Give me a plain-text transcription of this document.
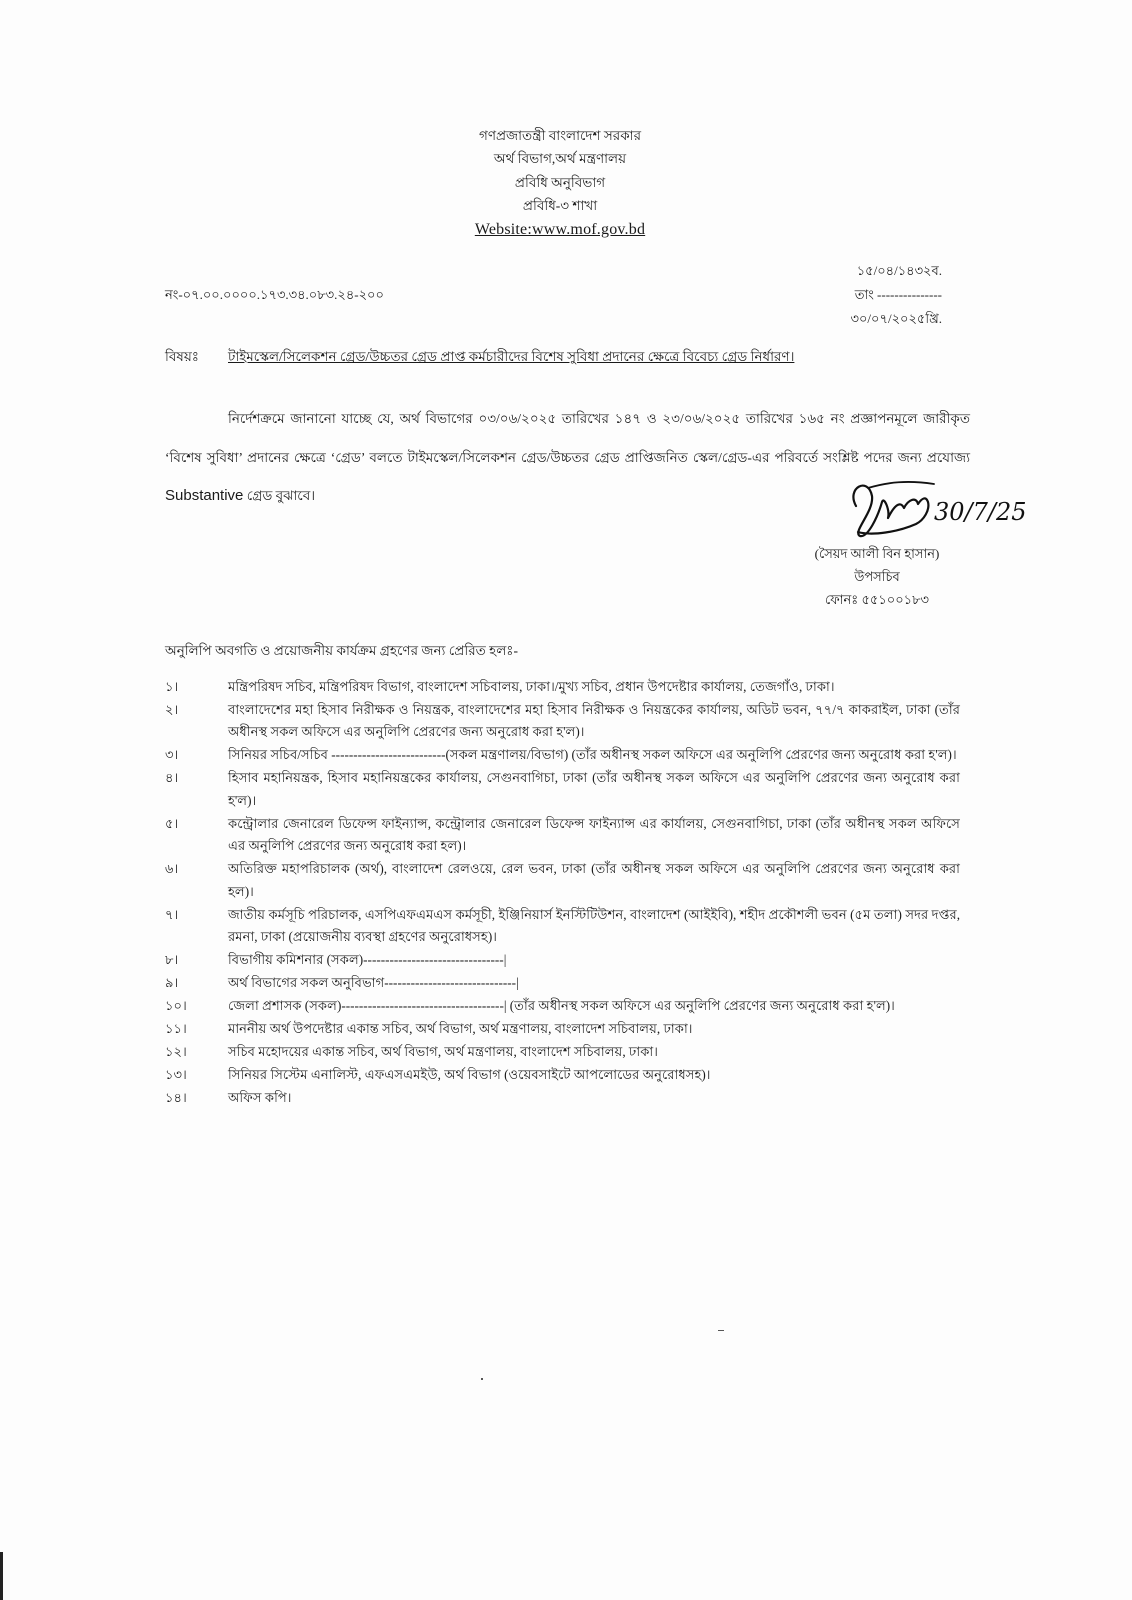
গণপ্রজাতন্ত্রী বাংলাদেশ সরকার
অর্থ বিভাগ,অর্থ মন্ত্রণালয়
প্রবিধি অনুবিভাগ
প্রবিধি-৩ শাখা
Website:www.mof.gov.bd
নং-০৭.০০.০০০০.১৭৩.৩৪.০৮৩.২৪-২০০
১৫/০৪/১৪৩২ব.
তাং ---------------
৩০/০৭/২০২৫খ্রি.
বিষয়ঃ টাইমস্কেল/সিলেকশন গ্রেড/উচ্চতর গ্রেড প্রাপ্ত কর্মচারীদের বিশেষ সুবিধা প্রদানের ক্ষেত্রে বিবেচ্য গ্রেড নির্ধারণ।
নির্দেশক্রমে জানানো যাচ্ছে যে, অর্থ বিভাগের ০৩/০৬/২০২৫ তারিখের ১৪৭ ও ২৩/০৬/২০২৫ তারিখের ১৬৫ নং প্রজ্ঞাপনমূলে জারীকৃত ‘বিশেষ সুবিধা’ প্রদানের ক্ষেত্রে ‘গ্রেড’ বলতে টাইমস্কেল/সিলেকশন গ্রেড/উচ্চতর গ্রেড প্রাপ্তিজনিত স্কেল/গ্রেড-এর পরিবর্তে সংশ্লিষ্ট পদের জন্য প্রযোজ্য Substantive গ্রেড বুঝাবে।
30/7/25
(সৈয়দ আলী বিন হাসান)
উপসচিব
ফোনঃ ৫৫১০০১৮৩
অনুলিপি অবগতি ও প্রয়োজনীয় কার্যক্রম গ্রহণের জন্য প্রেরিত হলঃ-
১।	মন্ত্রিপরিষদ সচিব, মন্ত্রিপরিষদ বিভাগ, বাংলাদেশ সচিবালয়, ঢাকা।/মুখ্য সচিব, প্রধান উপদেষ্টার কার্যালয়, তেজগাঁও, ঢাকা।
২।	বাংলাদেশের মহা হিসাব নিরীক্ষক ও নিয়ন্ত্রক, বাংলাদেশের মহা হিসাব নিরীক্ষক ও নিয়ন্ত্রকের কার্যালয়, অডিট ভবন, ৭৭/৭ কাকরাইল, ঢাকা (তাঁর অধীনস্থ সকল অফিসে এর অনুলিপি প্রেরণের জন্য অনুরোধ করা হ'ল)।
৩।	সিনিয়র সচিব/সচিব --------------------------(সকল মন্ত্রণালয়/বিভাগ) (তাঁর অধীনস্থ সকল অফিসে এর অনুলিপি প্রেরণের জন্য অনুরোধ করা হ'ল)।
৪।	হিসাব মহানিয়ন্ত্রক, হিসাব মহানিয়ন্ত্রকের কার্যালয়, সেগুনবাগিচা, ঢাকা (তাঁর অধীনস্থ সকল অফিসে এর অনুলিপি প্রেরণের জন্য অনুরোধ করা হ'ল)।
৫।	কন্ট্রোলার জেনারেল ডিফেন্স ফাইন্যান্স, কন্ট্রোলার জেনারেল ডিফেন্স ফাইন্যান্স এর কার্যালয়, সেগুনবাগিচা, ঢাকা (তাঁর অধীনস্থ সকল অফিসে এর অনুলিপি প্রেরণের জন্য অনুরোধ করা হল)।
৬।	অতিরিক্ত মহাপরিচালক (অর্থ), বাংলাদেশ রেলওয়ে, রেল ভবন, ঢাকা (তাঁর অধীনস্থ সকল অফিসে এর অনুলিপি প্রেরণের জন্য অনুরোধ করা হল)।
৭।	জাতীয় কর্মসূচি পরিচালক, এসপিএফএমএস কর্মসূচী, ইঞ্জিনিয়ার্স ইনস্টিটিউশন, বাংলাদেশ (আইইবি), শহীদ প্রকৌশলী ভবন (৫ম তলা) সদর দপ্তর, রমনা, ঢাকা (প্রয়োজনীয় ব্যবস্থা গ্রহণের অনুরোধসহ)।
৮।	বিভাগীয় কমিশনার (সকল)--------------------------------|
৯।	অর্থ বিভাগের সকল অনুবিভাগ------------------------------|
১০।	জেলা প্রশাসক (সকল)-------------------------------------| (তাঁর অধীনস্থ সকল অফিসে এর অনুলিপি প্রেরণের জন্য অনুরোধ করা হ'ল)।
১১।	মাননীয় অর্থ উপদেষ্টার একান্ত সচিব, অর্থ বিভাগ, অর্থ মন্ত্রণালয়, বাংলাদেশ সচিবালয়, ঢাকা।
১২।	সচিব মহোদয়ের একান্ত সচিব, অর্থ বিভাগ, অর্থ মন্ত্রণালয়, বাংলাদেশ সচিবালয়, ঢাকা।
১৩।	সিনিয়র সিস্টেম এনালিস্ট, এফএসএমইউ, অর্থ বিভাগ (ওয়েবসাইটে আপলোডের অনুরোধসহ)।
১৪।	অফিস কপি।
